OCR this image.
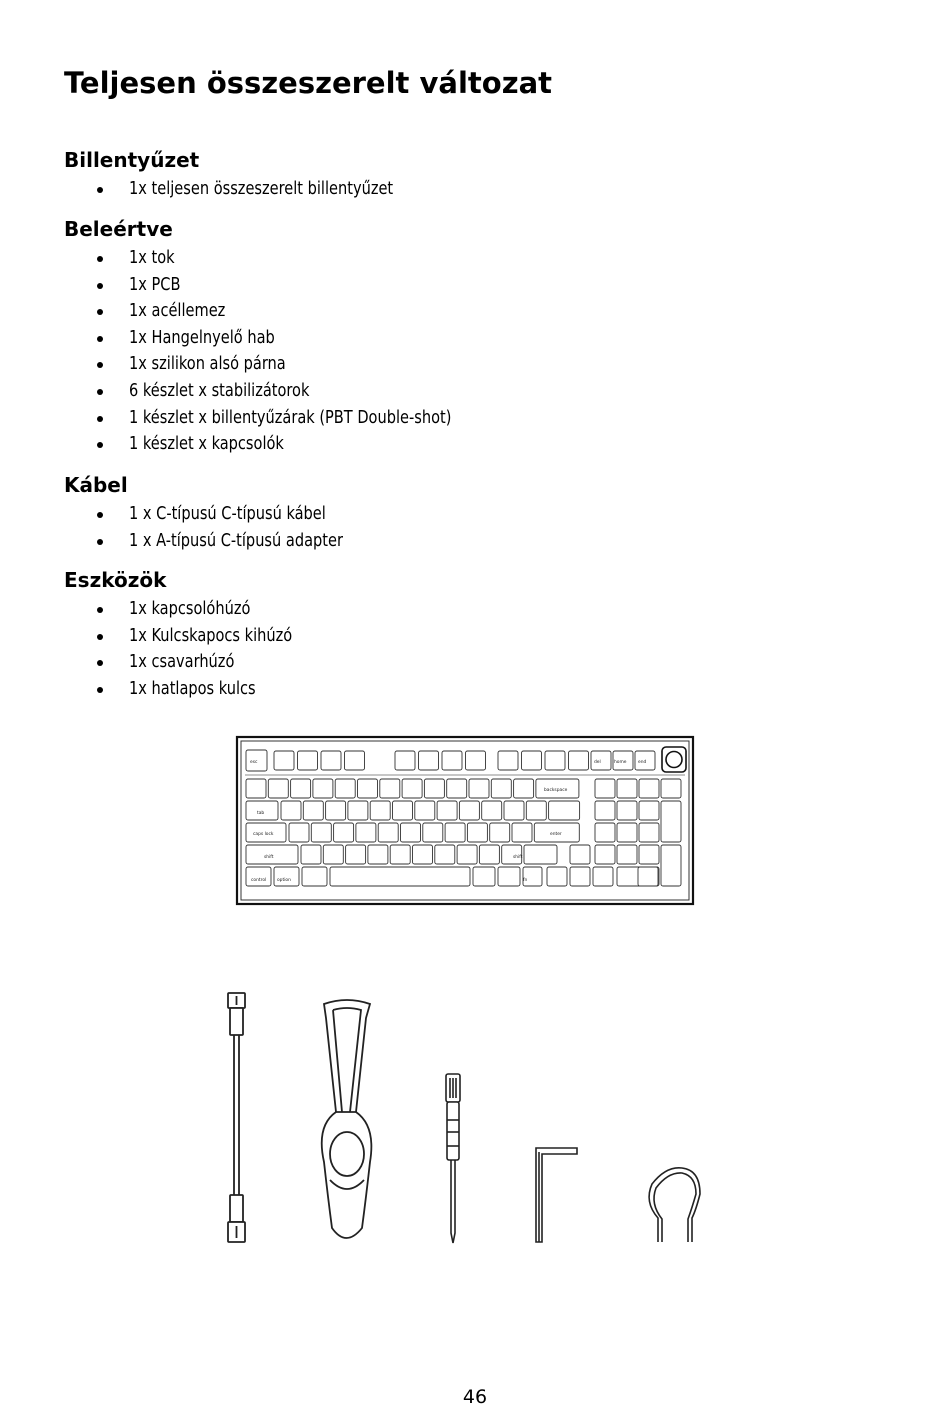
Teljesen összeszerelt változat
Billentyűzet
1x teljesen összeszerelt billentyűzet
Beleértve
1x tok
1x PCB
1x acéllemez
1x Hangelnyelő hab
1x szilikon alsó párna
6 készlet x stabilizátorok
1 készlet x billentyűzárak (PBT Double-shot)
1 készlet x kapcsolók
Kábel
1 x C-típusú C-típusú kábel
1 x A-típusú C-típusú adapter
Eszközök
1x kapcsolóhúzó
1x Kulcskapocs kihúzó
1x csavarhúzó
1x hatlapos kulcs
esc	del	home	end
backspace
tab
caps lock	enter
shift	shift
control option	fn
46
